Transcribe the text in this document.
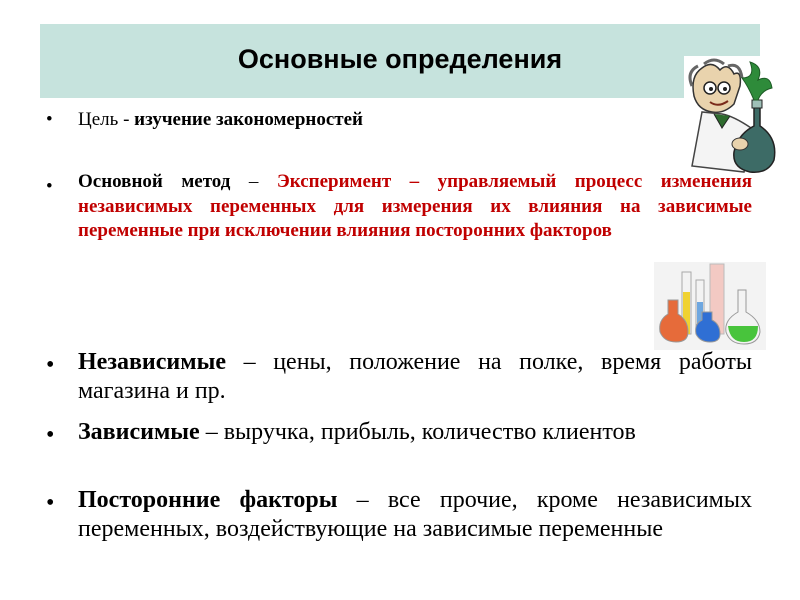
Основные определения
• Цель - изучение закономерностей
• Основной метод – Эксперимент – управляемый процесс изменения независимых переменных для измерения их влияния на зависимые переменные при исключении влияния посторонних факторов
• Независимые – цены, положение на полке, время работы магазина и пр.
• Зависимые – выручка, прибыль, количество клиентов
• Посторонние факторы – все прочие, кроме независимых переменных, воздействующие на зависимые переменные
